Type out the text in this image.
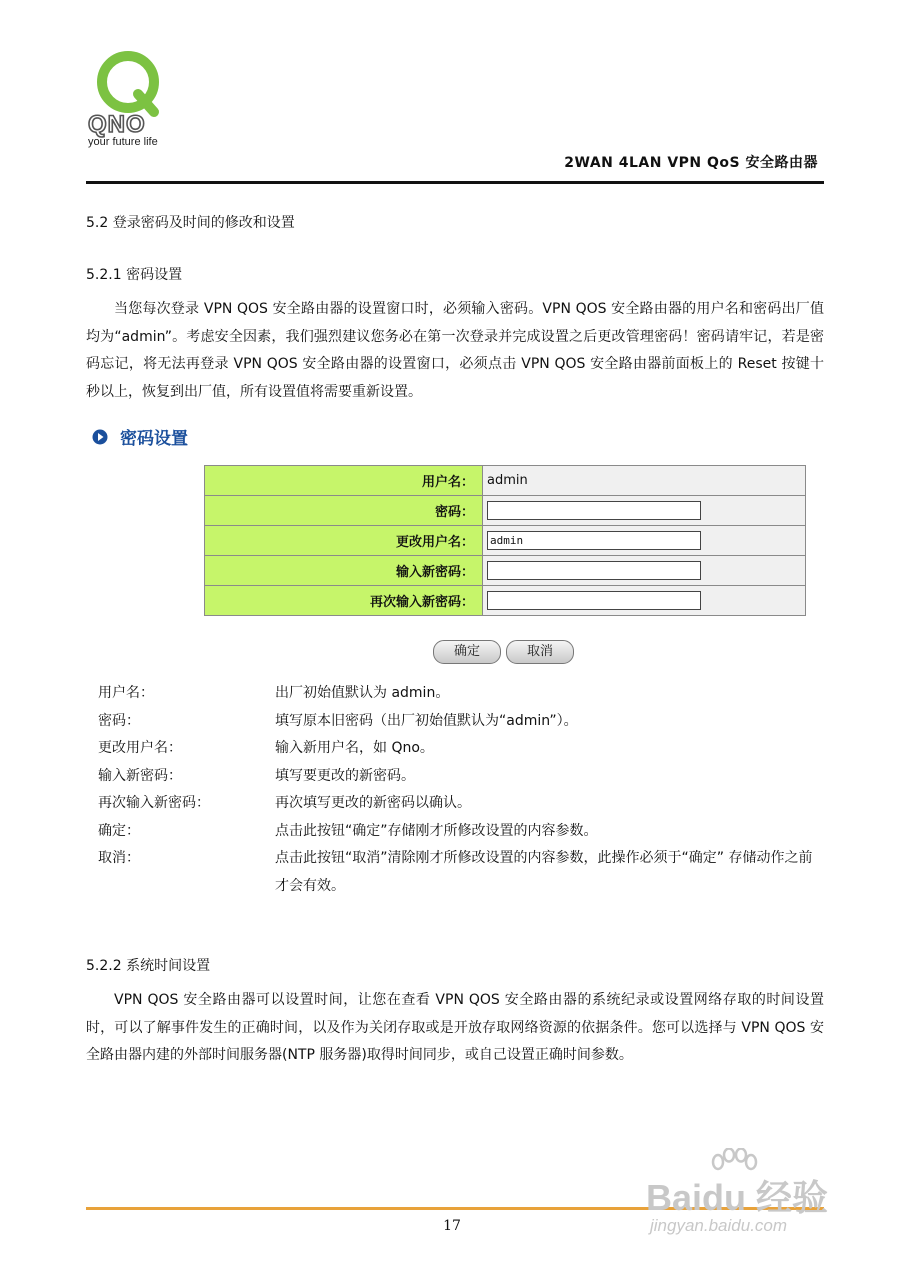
QNO
your future life
2WAN 4LAN VPN QoS 安全路由器
5.2 登录密码及时间的修改和设置
5.2.1 密码设置
当您每次登录 VPN QOS 安全路由器的设置窗口时，必须输入密码。VPN QOS 安全路由器的用户名和密码出厂值均为“admin”。考虑安全因素，我们强烈建议您务必在第一次登录并完成设置之后更改管理密码！密码请牢记，若是密码忘记，将无法再登录 VPN QOS 安全路由器的设置窗口，必须点击 VPN QOS 安全路由器前面板上的 Reset 按键十秒以上，恢复到出厂值，所有设置值将需要重新设置。
密码设置
用户名：	admin
密码：	

更改用户名：	admin

输入新密码：	

再次输入新密码：	
确定	取消
用户名：	出厂初始值默认为 admin。
密码：	填写原本旧密码（出厂初始值默认为“admin”）。
更改用户名：	输入新用户名，如 Qno。
输入新密码：	填写要更改的新密码。
再次输入新密码：	再次填写更改的新密码以确认。
确定：	点击此按钮“确定”存储刚才所修改设置的内容参数。
取消：	点击此按钮“取消”清除刚才所修改设置的内容参数，此操作必须于“确定” 存储动作之前才会有效。
5.2.2 系统时间设置
VPN QOS 安全路由器可以设置时间，让您在查看 VPN QOS 安全路由器的系统纪录或设置网络存取的时间设置时，可以了解事件发生的正确时间，以及作为关闭存取或是开放存取网络资源的依据条件。您可以选择与 VPN QOS 安全路由器内建的外部时间服务器(NTP 服务器)取得时间同步，或自己设置正确时间参数。
17
Baidu 经验
jingyan.baidu.com
